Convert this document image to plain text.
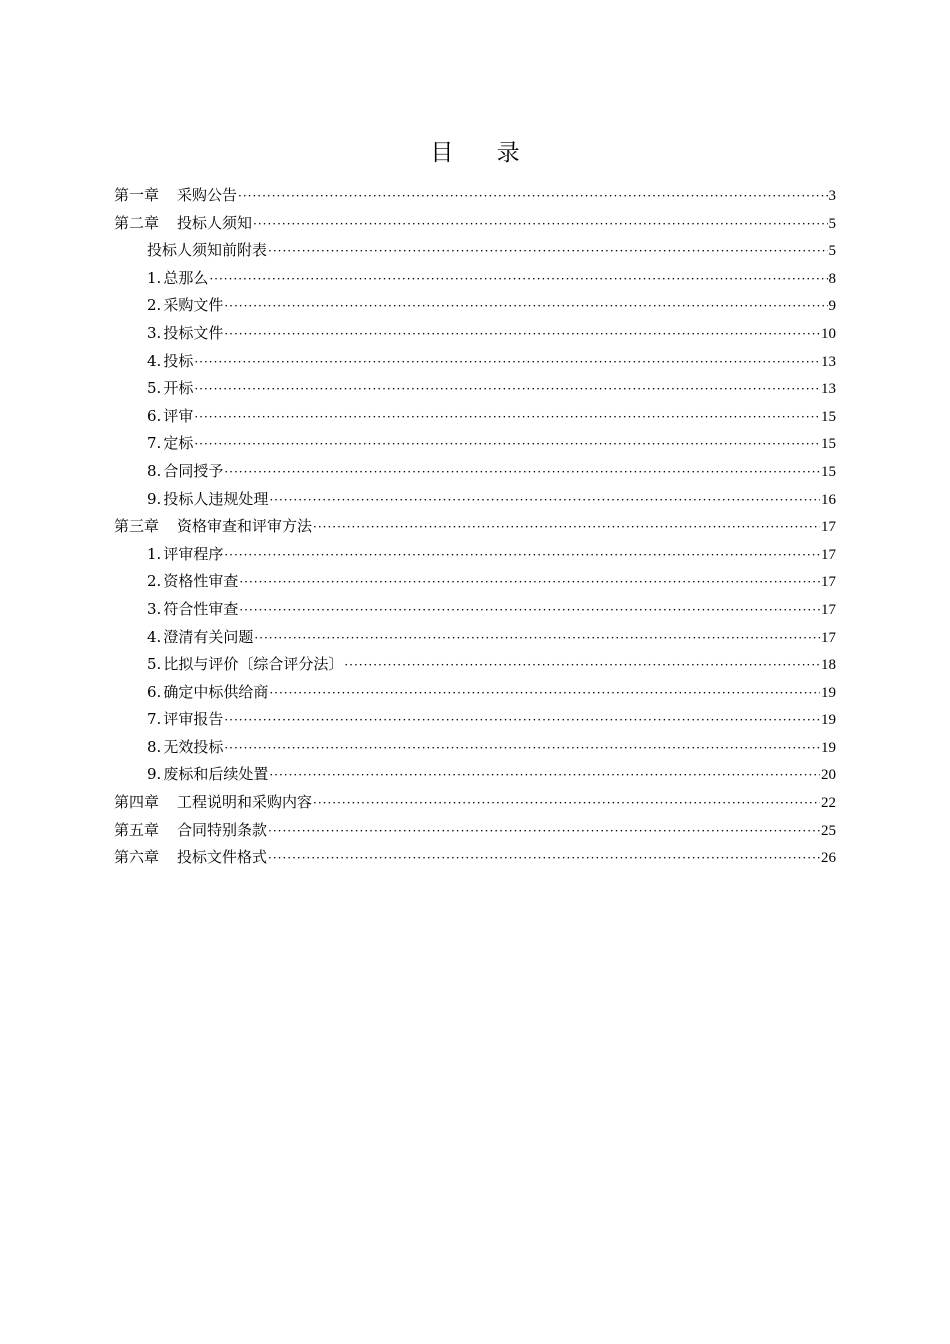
目 录
第一章 采购公告 ·····	3
第二章 投标人须知 ·····	5
投标人须知前附表 ·····	5
1. 总那么 ·····	8
2. 采购文件 ·····	9
3. 投标文件 ·····	10
4. 投标 ·····	13
5. 开标 ·····	13
6. 评审 ·····	15
7. 定标 ·····	15
8. 合同授予 ·····	15
9. 投标人违规处理 ·····	16
第三章 资格审查和评审方法 ·····	17
1. 评审程序 ·····	17
2. 资格性审查 ·····	17
3. 符合性审查 ·····	17
4. 澄清有关问题 ·····	17
5. 比拟与评价〔综合评分法〕 ·····	18
6. 确定中标供给商 ·····	19
7. 评审报告 ·····	19
8. 无效投标 ·····	19
9. 废标和后续处置 ·····	20
第四章 工程说明和采购内容 ·····	22
第五章 合同特别条款 ·····	25
第六章 投标文件格式 ·····	26
